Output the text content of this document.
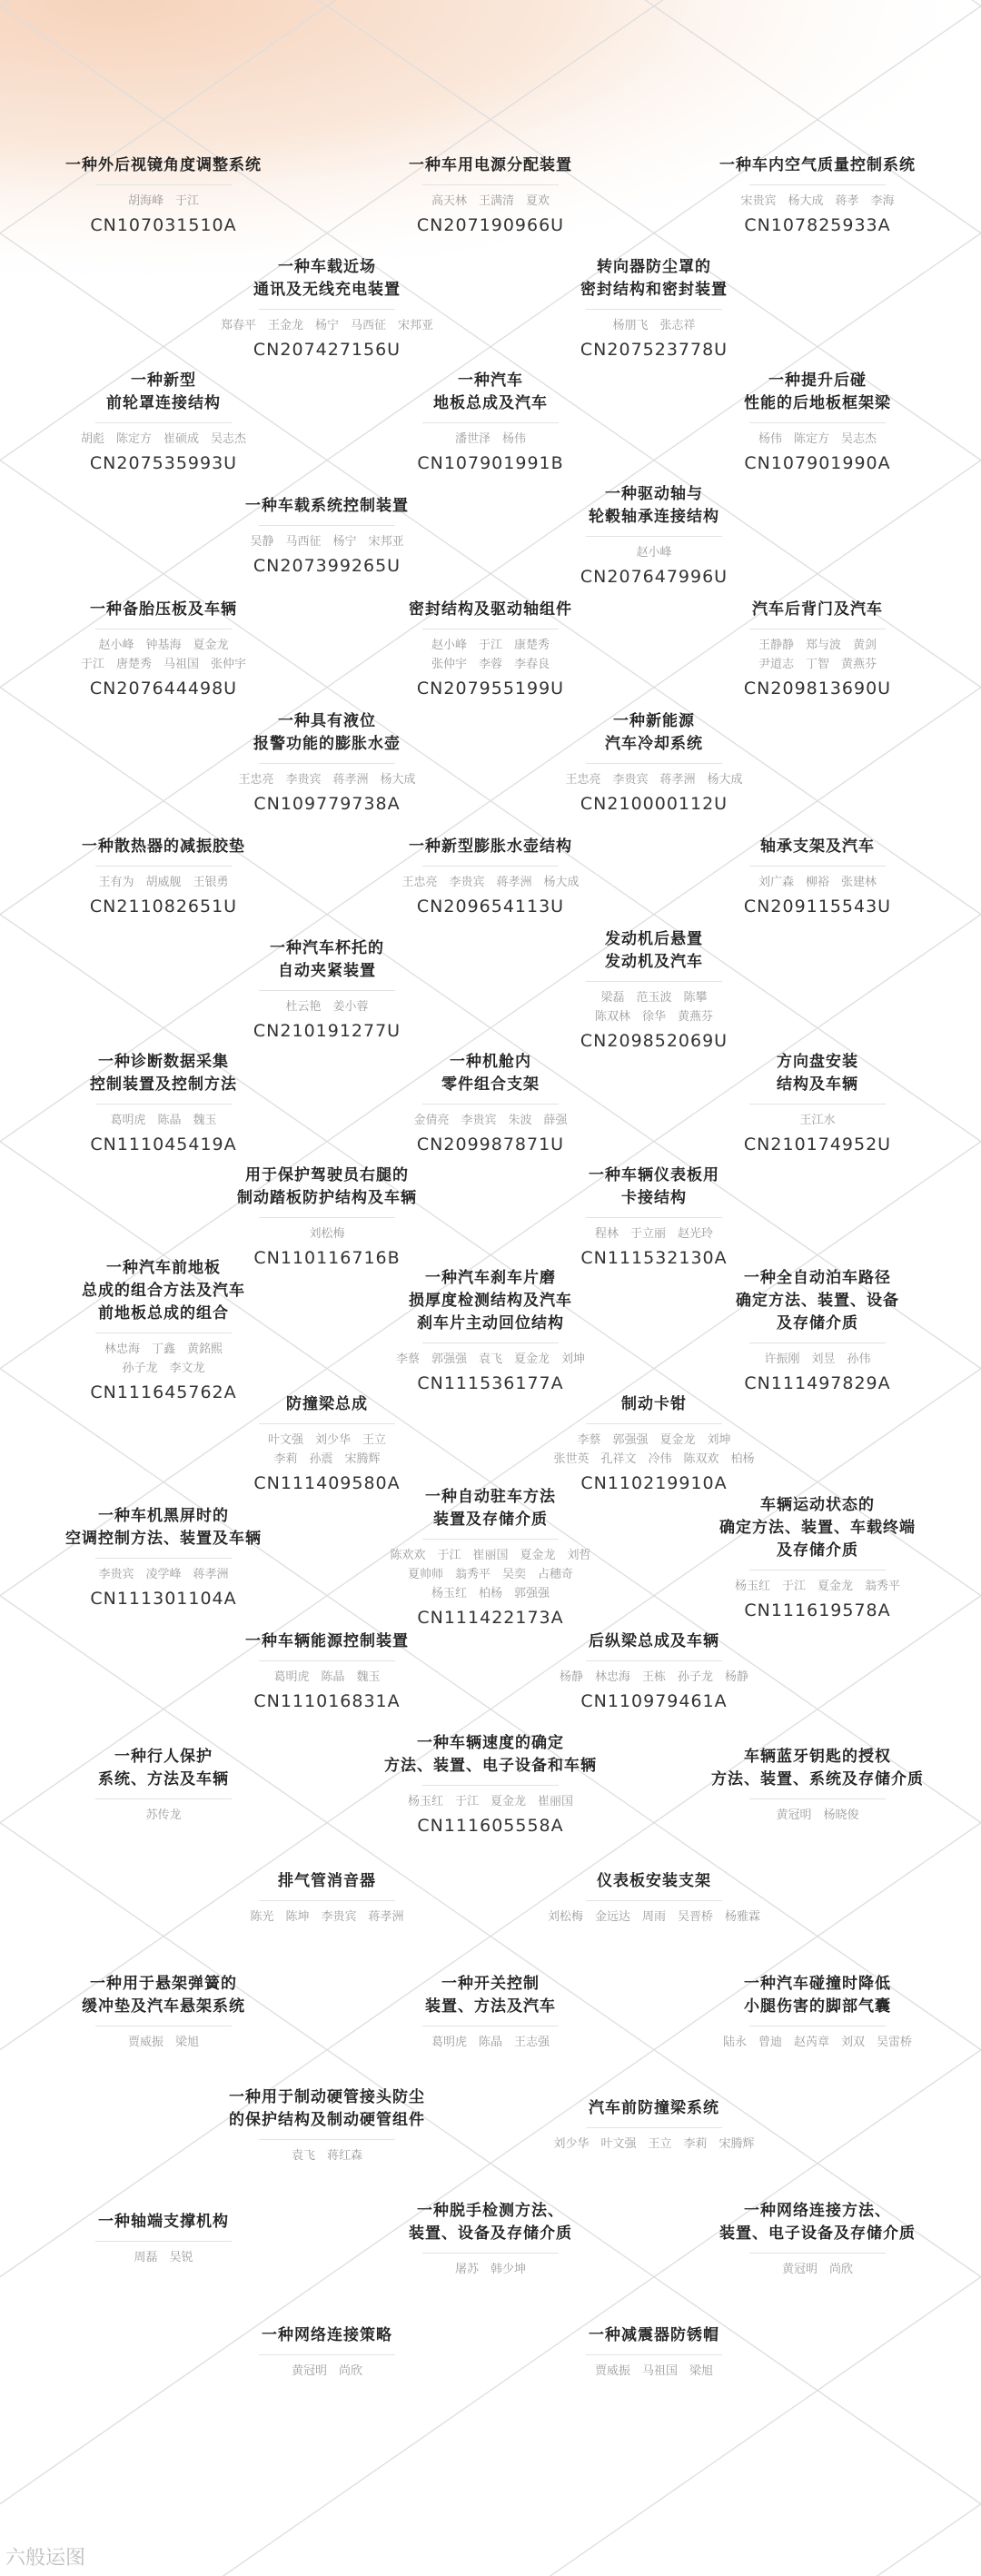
一种外后视镜角度调整系统
胡海峰　于江
CN107031510A
一种车用电源分配装置
高天林　王满清　夏欢
CN207190966U
一种车内空气质量控制系统
宋贵宾　杨大成　蒋孝　李海
CN107825933A
一种车载近场
通讯及无线充电装置
郑春平　王金龙　杨宁　马西征　宋邦亚
CN207427156U
转向器防尘罩的
密封结构和密封装置
杨朋飞　张志祥
CN207523778U
一种新型
前轮罩连接结构
胡彪　陈定方　崔硕成　吴志杰
CN207535993U
一种汽车
地板总成及汽车
潘世泽　杨伟
CN107901991B
一种提升后碰
性能的后地板框架梁
杨伟　陈定方　吴志杰
CN107901990A
一种车载系统控制装置
吴静　马西征　杨宁　宋邦亚
CN207399265U
一种驱动轴与
轮毂轴承连接结构
赵小峰
CN207647996U
一种备胎压板及车辆
赵小峰　钟基海　夏金龙
于江　唐楚秀　马祖国　张仲宇
CN207644498U
密封结构及驱动轴组件
赵小峰　于江　康楚秀
张仲宇　李蓉　李春良
CN207955199U
汽车后背门及汽车
王静静　郑与波　黄剑
尹道志　丁智　黄燕芬
CN209813690U
一种具有液位
报警功能的膨胀水壶
王忠亮　李贵宾　蒋孝洲　杨大成
CN109779738A
一种新能源
汽车冷却系统
王忠亮　李贵宾　蒋孝洲　杨大成
CN210000112U
一种散热器的减振胶垫
王有为　胡威舰　王银勇
CN211082651U
一种新型膨胀水壶结构
王忠亮　李贵宾　蒋孝洲　杨大成
CN209654113U
轴承支架及汽车
刘广森　柳裕　张建林
CN209115543U
一种汽车杯托的
自动夹紧装置
杜云艳　姜小蓉
CN210191277U
发动机后悬置
发动机及汽车
梁磊　范玉波　陈攀
陈双林　徐华　黄燕芬
CN209852069U
一种诊断数据采集
控制装置及控制方法
葛明虎　陈晶　魏玉
CN111045419A
一种机舱内
零件组合支架
金倩亮　李贵宾　朱波　薛强
CN209987871U
方向盘安装
结构及车辆
王江水
CN210174952U
用于保护驾驶员右腿的
制动踏板防护结构及车辆
刘松梅
CN110116716B
一种车辆仪表板用
卡接结构
程林　于立丽　赵光玲
CN111532130A
一种汽车前地板
总成的组合方法及汽车
前地板总成的组合
林忠海　丁鑫　黄銘熙
孙子龙　李文龙
CN111645762A
一种汽车刹车片磨
损厚度检测结构及汽车
刹车片主动回位结构
李蔡　郭强强　袁飞　夏金龙　刘坤
CN111536177A
一种全自动泊车路径
确定方法、装置、设备
及存储介质
许振刚　刘昱　孙伟
CN111497829A
防撞梁总成
叶文强　刘少华　王立
李莉　孙震　宋腾辉
CN111409580A
制动卡钳
李蔡　郭强强　夏金龙　刘坤
张世英　孔祥文　冷伟　陈双欢　柏杨
CN110219910A
一种车机黑屏时的
空调控制方法、装置及车辆
李贵宾　凌学峰　蒋孝洲
CN111301104A
一种自动驻车方法
装置及存储介质
陈欢欢　于江　崔丽国　夏金龙　刘哲
夏帅师　翁秀平　吴奕　占穗奇
杨玉红　柏杨　郭强强
CN111422173A
车辆运动状态的
确定方法、装置、车载终端
及存储介质
杨玉红　于江　夏金龙　翁秀平
CN111619578A
一种车辆能源控制装置
葛明虎　陈晶　魏玉
CN111016831A
后纵梁总成及车辆
杨静　林忠海　王栋　孙子龙　杨静
CN110979461A
一种行人保护
系统、方法及车辆
苏传龙
一种车辆速度的确定
方法、装置、电子设备和车辆
杨玉红　于江　夏金龙　崔丽国
CN111605558A
车辆蓝牙钥匙的授权
方法、装置、系统及存储介质
黄冠明　杨晓俊
排气管消音器
陈光　陈坤　李贵宾　蒋孝洲
仪表板安装支架
刘松梅　金远达　周雨　吴晋桥　杨雅霖
一种用于悬架弹簧的
缓冲垫及汽车悬架系统
贾威振　梁旭
一种开关控制
装置、方法及汽车
葛明虎　陈晶　王志强
一种汽车碰撞时降低
小腿伤害的脚部气囊
陆永　曾迪　赵芮章　刘双　吴雷桥
一种用于制动硬管接头防尘
的保护结构及制动硬管组件
袁飞　蒋红森
汽车前防撞梁系统
刘少华　叶文强　王立　李莉　宋腾辉
一种轴端支撑机构
周磊　吴锐
一种脱手检测方法、
装置、设备及存储介质
屠苏　韩少坤
一种网络连接方法、
装置、电子设备及存储介质
黄冠明　尚欣
一种网络连接策略
黄冠明　尚欣
一种减震器防锈帽
贾威振　马祖国　梁旭
六般运图
